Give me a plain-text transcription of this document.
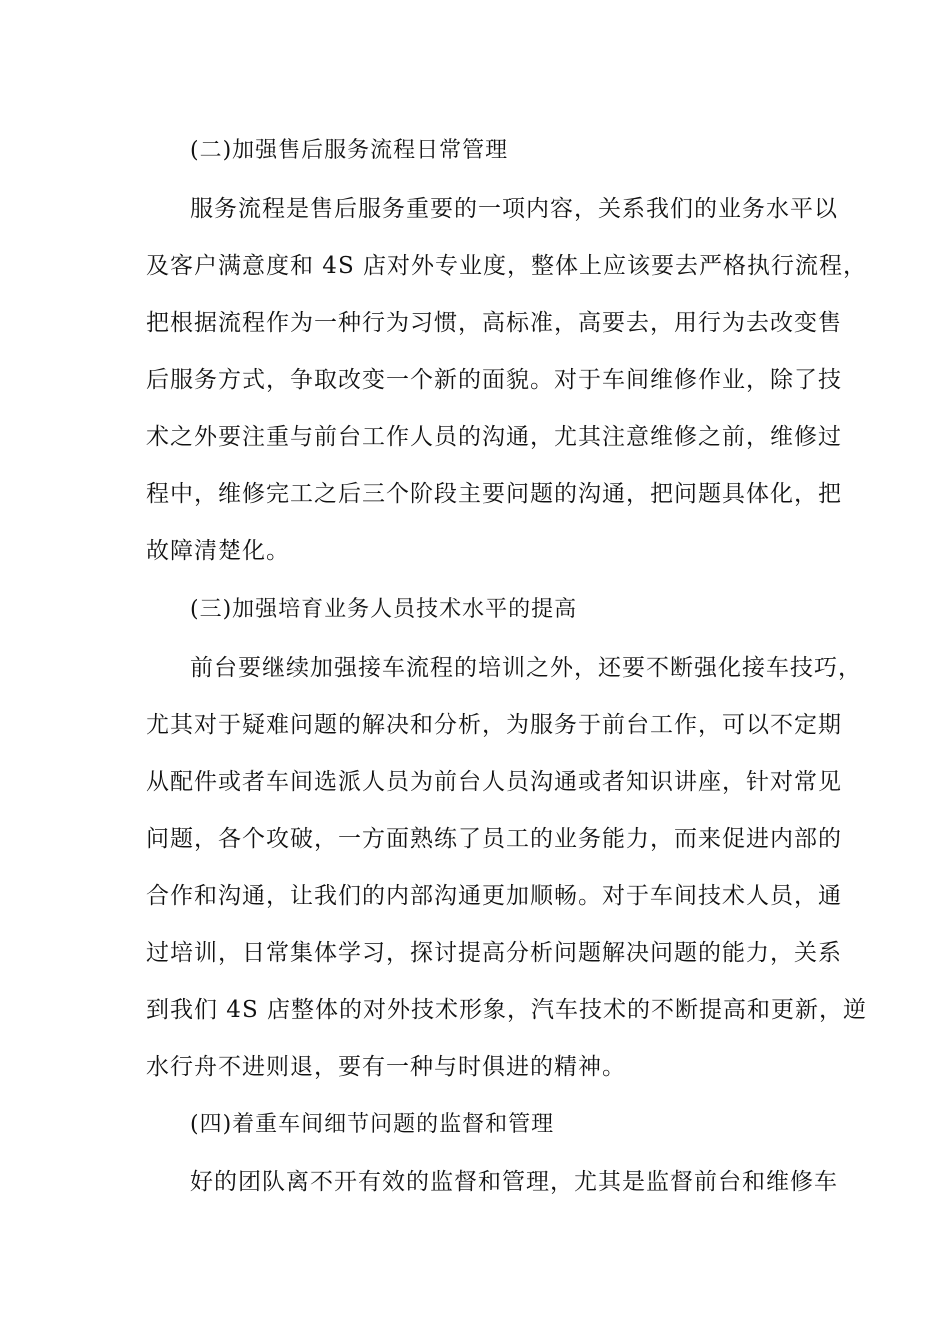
(二)加强售后服务流程日常管理
服务流程是售后服务重要的一项内容，关系我们的业务水平以
及客户满意度和 4S 店对外专业度，整体上应该要去严格执行流程，
把根据流程作为一种行为习惯，高标准，高要去，用行为去改变售
后服务方式，争取改变一个新的面貌。对于车间维修作业，除了技
术之外要注重与前台工作人员的沟通，尤其注意维修之前，维修过
程中，维修完工之后三个阶段主要问题的沟通，把问题具体化，把
故障清楚化。
(三)加强培育业务人员技术水平的提高
前台要继续加强接车流程的培训之外，还要不断强化接车技巧，
尤其对于疑难问题的解决和分析，为服务于前台工作，可以不定期
从配件或者车间选派人员为前台人员沟通或者知识讲座，针对常见
问题，各个攻破，一方面熟练了员工的业务能力，而来促进内部的
合作和沟通，让我们的内部沟通更加顺畅。对于车间技术人员，通
过培训，日常集体学习，探讨提高分析问题解决问题的能力，关系
到我们 4S 店整体的对外技术形象，汽车技术的不断提高和更新，逆
水行舟不进则退，要有一种与时俱进的精神。
(四)着重车间细节问题的监督和管理
好的团队离不开有效的监督和管理，尤其是监督前台和维修车
